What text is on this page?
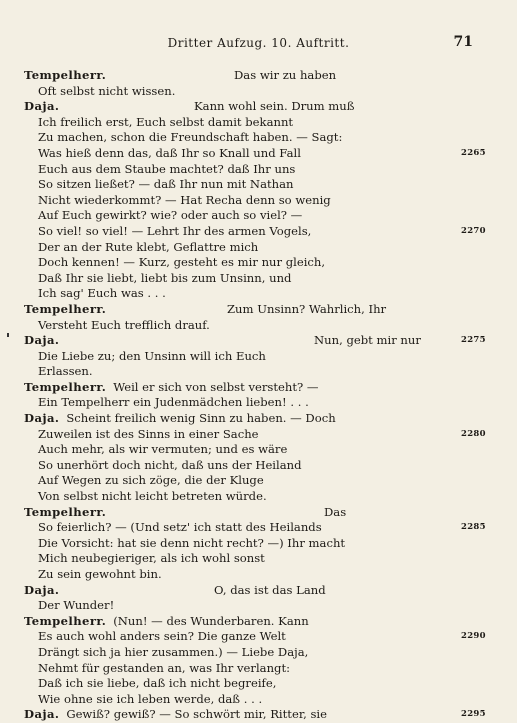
Dritter Aufzug. 10. Auftritt.	71
Tempelherr.	Das wir zu haben
Oft selbst nicht wissen.
Daja.	Kann wohl sein. Drum muß
Ich freilich erst, Euch selbst damit bekannt
Zu machen, schon die Freundschaft haben. — Sagt:
Was hieß denn das, daß Ihr so Knall und Fall	2265
Euch aus dem Staube machtet? daß Ihr uns
So sitzen ließet? — daß Ihr nun mit Nathan
Nicht wiederkommt? — Hat Recha denn so wenig
Auf Euch gewirkt? wie? oder auch so viel? —
So viel! so viel! — Lehrt Ihr des armen Vogels,	2270
Der an der Rute klebt, Geflattre mich
Doch kennen! — Kurz, gesteht es mir nur gleich,
Daß Ihr sie liebt, liebt bis zum Unsinn, und
Ich sag' Euch was . . .
Tempelherr.	Zum Unsinn? Wahrlich, Ihr
Versteht Euch trefflich drauf.
Daja.	Nun, gebt mir nur	2275
Die Liebe zu; den Unsinn will ich Euch
Erlassen.
Tempelherr. Weil er sich von selbst versteht? —
Ein Tempelherr ein Judenmädchen lieben! . . .
Daja. Scheint freilich wenig Sinn zu haben. — Doch
Zuweilen ist des Sinns in einer Sache	2280
Auch mehr, als wir vermuten; und es wäre
So unerhört doch nicht, daß uns der Heiland
Auf Wegen zu sich zöge, die der Kluge
Von selbst nicht leicht betreten würde.
Tempelherr.	Das
So feierlich? — (Und setz' ich statt des Heilands	2285
Die Vorsicht: hat sie denn nicht recht? —) Ihr macht
Mich neubegieriger, als ich wohl sonst
Zu sein gewohnt bin.
Daja.	O, das ist das Land
Der Wunder!
Tempelherr. (Nun! — des Wunderbaren. Kann
Es auch wohl anders sein? Die ganze Welt	2290
Drängt sich ja hier zusammen.) — Liebe Daja,
Nehmt für gestanden an, was Ihr verlangt:
Daß ich sie liebe, daß ich nicht begreife,
Wie ohne sie ich leben werde, daß . . .
Daja. Gewiß? gewiß? — So schwört mir, Ritter, sie	2295
